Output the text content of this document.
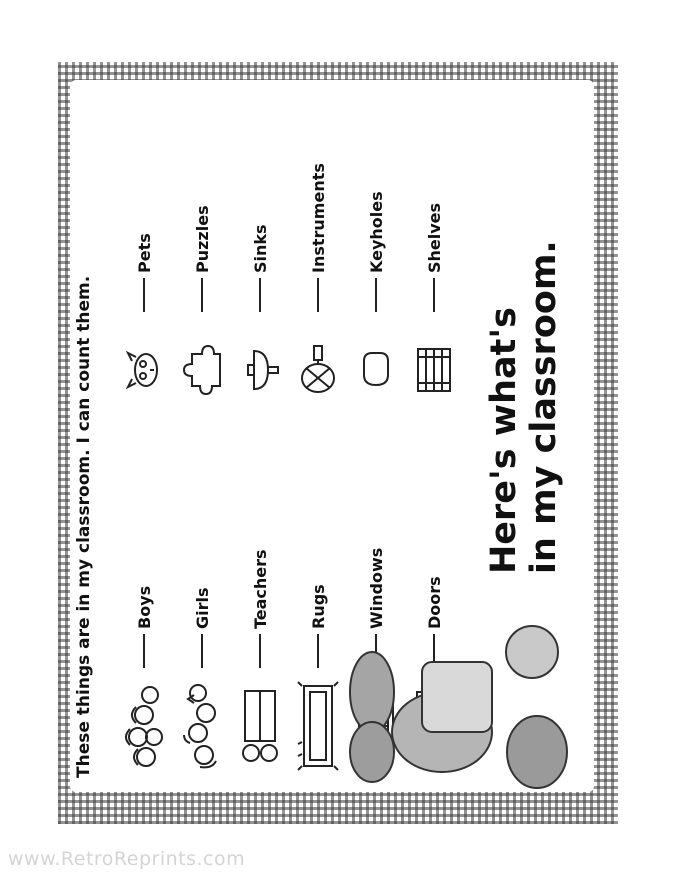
These things are in my classroom. I can count them.	Boys Girls Teachers Rugs Windows Doors
Pets Puzzles Sinks Instruments Keyholes Shelves
Here's what's in my classroom.
www.RetroReprints.com
